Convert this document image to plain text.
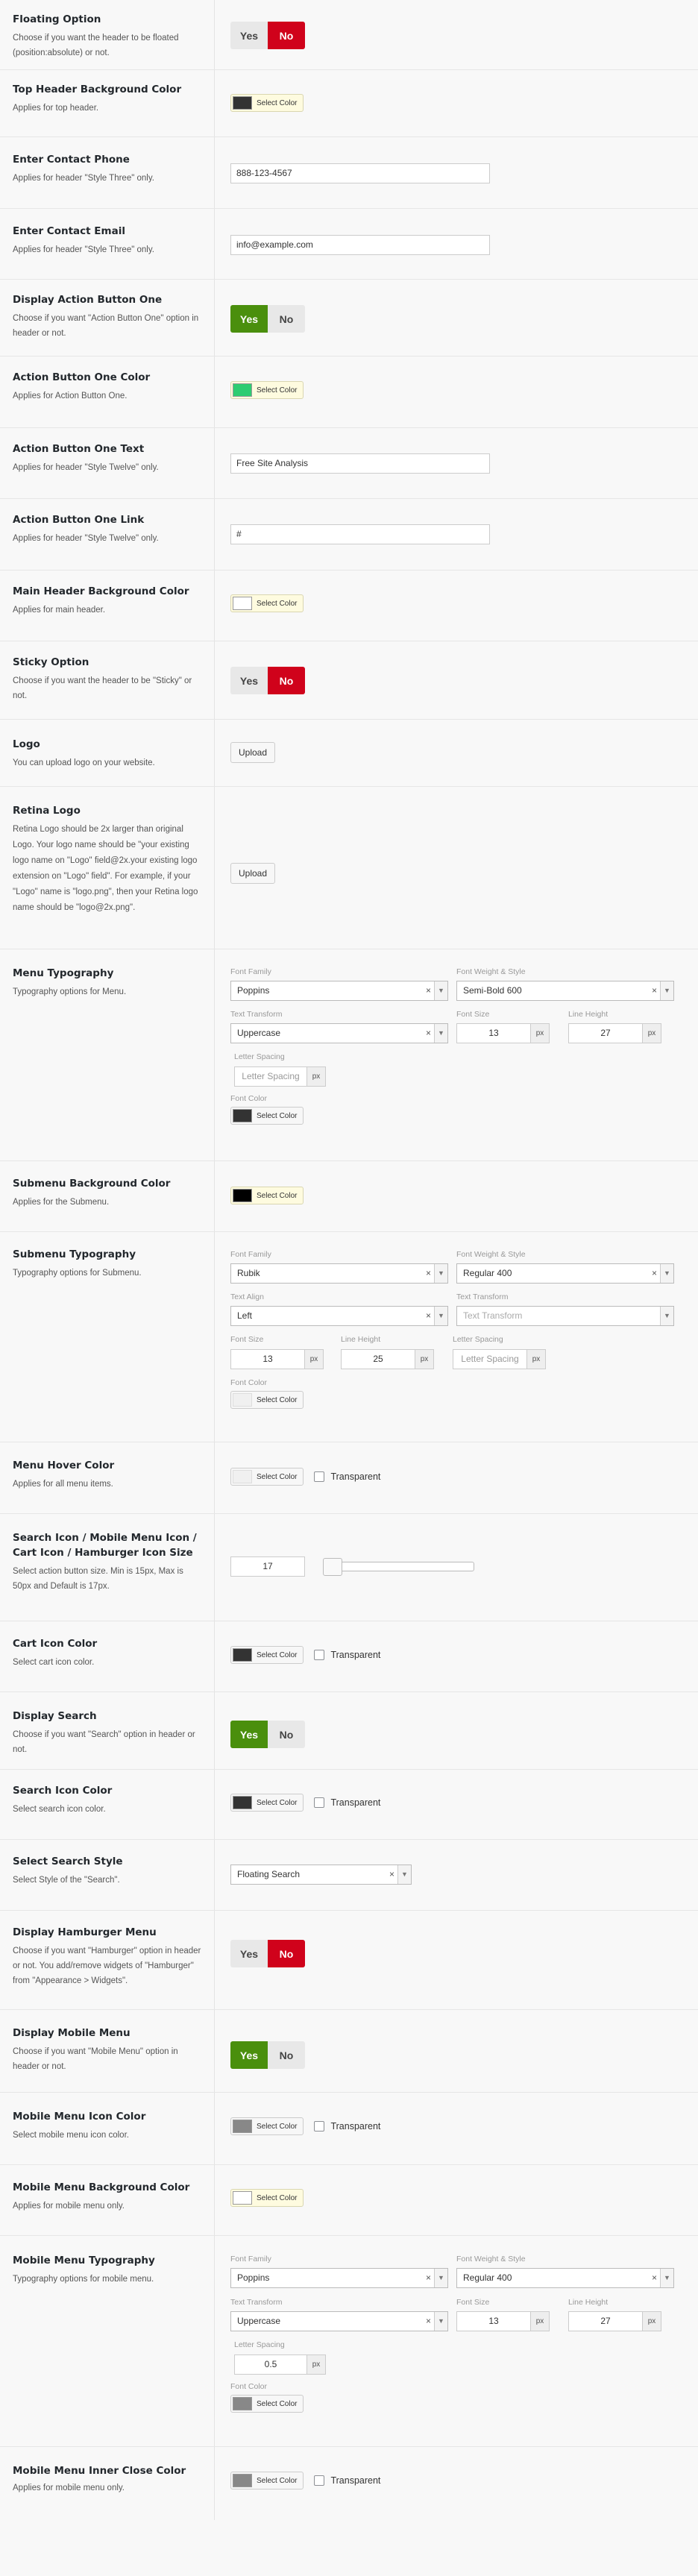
Floating Option
Choose if you want the header to be floated (position:absolute) or not.
Yes	No
Top Header Background Color
Applies for top header.
Select Color
Enter Contact Phone
Applies for header "Style Three" only.	888-123-4567
Enter Contact Email
Applies for header "Style Three" only.	info@example.com
Display Action Button One
Choose if you want "Action Button One" option in header or not.
Yes	No
Action Button One Color
Applies for Action Button One.
Select Color
Action Button One Text
Applies for header "Style Twelve" only.	Free Site Analysis
Action Button One Link
Applies for header "Style Twelve" only.	#
Main Header Background Color
Applies for main header.
Select Color
Sticky Option
Choose if you want the header to be "Sticky" or not.
Yes	No
Logo
You can upload logo on your website.
Upload
Retina Logo
Retina Logo should be 2x larger than original Logo. Your logo name should be "your existing logo name on "Logo" field@2x.your existing logo extension on "Logo" field". For example, if your "Logo" name is "logo.png", then your Retina logo name should be "logo@2x.png".
Upload
Menu Typography
Typography options for Menu.
Font Family
Poppins	×	▼
Font Weight & Style
Semi-Bold 600	×	▼
Text Transform
Uppercase	×	▼
Font Size
13	px
Line Height
27	px
Letter Spacing
Letter Spacing	px
Font Color
Select Color
Submenu Background Color
Applies for the Submenu.
Select Color
Submenu Typography
Typography options for Submenu.
Font Family
Rubik	×	▼
Font Weight & Style
Regular 400	×	▼
Text Align
Left	×	▼
Text Transform
Text Transform	▼
Font Size
13	px
Line Height
25	px
Letter Spacing
Letter Spacing	px
Font Color
Select Color
Menu Hover Color
Applies for all menu items.
Select Color	Transparent
Search Icon / Mobile Menu Icon / Cart Icon / Hamburger Icon Size
Select action button size. Min is 15px, Max is 50px and Default is 17px.
17
Cart Icon Color
Select cart icon color.
Select Color	Transparent
Display Search
Choose if you want "Search" option in header or not.
Yes	No
Search Icon Color
Select search icon color.
Select Color	Transparent
Select Search Style
Select Style of the "Search".
Floating Search	×	▼
Display Hamburger Menu
Choose if you want "Hamburger" option in header or not. You add/remove widgets of "Hamburger" from "Appearance > Widgets".
Yes	No
Display Mobile Menu
Choose if you want "Mobile Menu" option in header or not.
Yes	No
Mobile Menu Icon Color
Select mobile menu icon color.
Select Color	Transparent
Mobile Menu Background Color
Applies for mobile menu only.
Select Color
Mobile Menu Typography
Typography options for mobile menu.
Font Family
Poppins	×	▼
Font Weight & Style
Regular 400	×	▼
Text Transform
Uppercase	×	▼
Font Size
13	px
Line Height
27	px
Letter Spacing
0.5	px
Font Color
Select Color
Mobile Menu Inner Close Color
Applies for mobile menu only.
Select Color	Transparent
